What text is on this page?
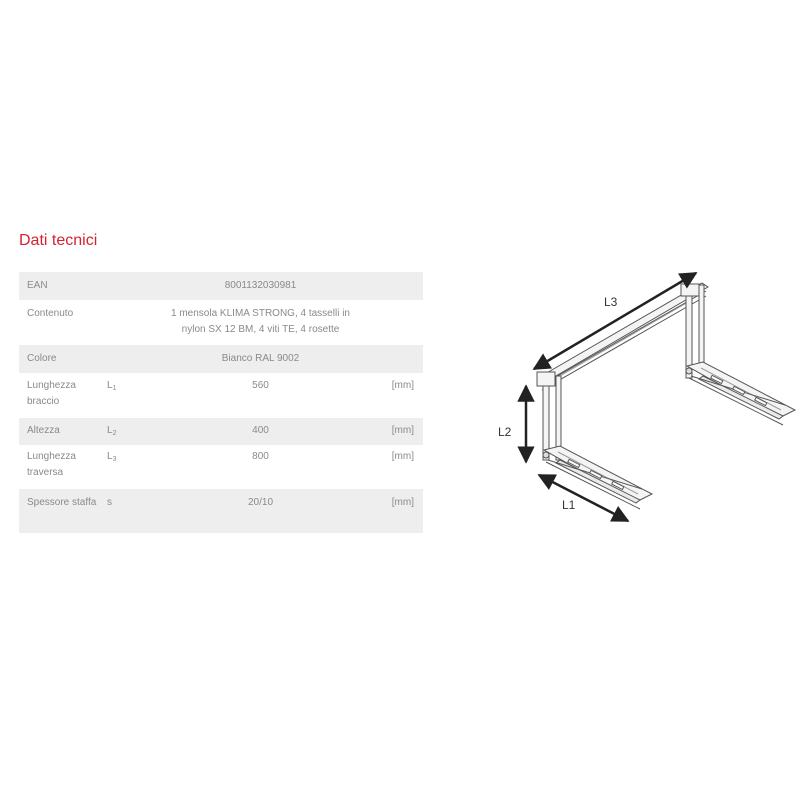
Dati tecnici
EAN		8001132030981	
Contenuto		1 mensola KLIMA STRONG, 4 tasselli in nylon SX 12 BM, 4 viti TE, 4 rosette	
Colore		Bianco RAL 9002	
Lunghezza braccio	$L_1$	560	[mm]
Altezza	$L_2$	400	[mm]
Lunghezza traversa	$L_3$	800	[mm]
Spessore staffa	s	20/10	[mm]
L3
L2
L1
